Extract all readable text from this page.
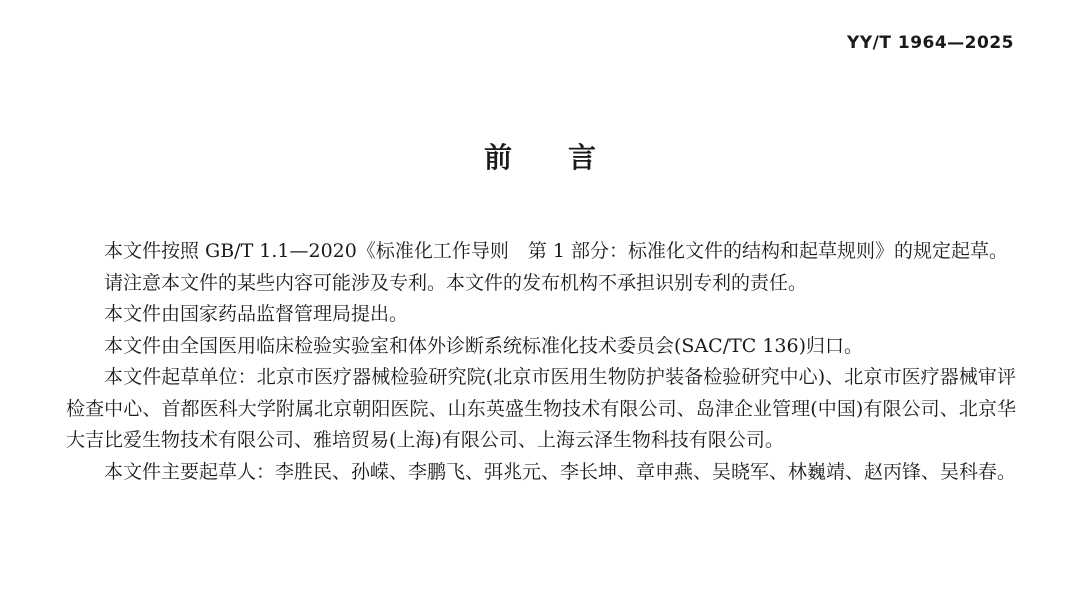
YY/T 1964—2025
前言

本文件按照 GB/T 1.1—2020《标准化工作导则　第 1 部分：标准化文件的结构和起草规则》的规定起草。

请注意本文件的某些内容可能涉及专利。本文件的发布机构不承担识别专利的责任。

本文件由国家药品监督管理局提出。

本文件由全国医用临床检验实验室和体外诊断系统标准化技术委员会(SAC/TC 136)归口。

本文件起草单位：北京市医疗器械检验研究院(北京市医用生物防护装备检验研究中心)、北京市医疗器械审评检查中心、首都医科大学附属北京朝阳医院、山东英盛生物技术有限公司、岛津企业管理(中国)有限公司、北京华大吉比爱生物技术有限公司、雅培贸易(上海)有限公司、上海云泽生物科技有限公司。

本文件主要起草人：李胜民、孙嵘、李鹏飞、弭兆元、李长坤、章申燕、吴晓军、林巍靖、赵丙锋、吴科春。
